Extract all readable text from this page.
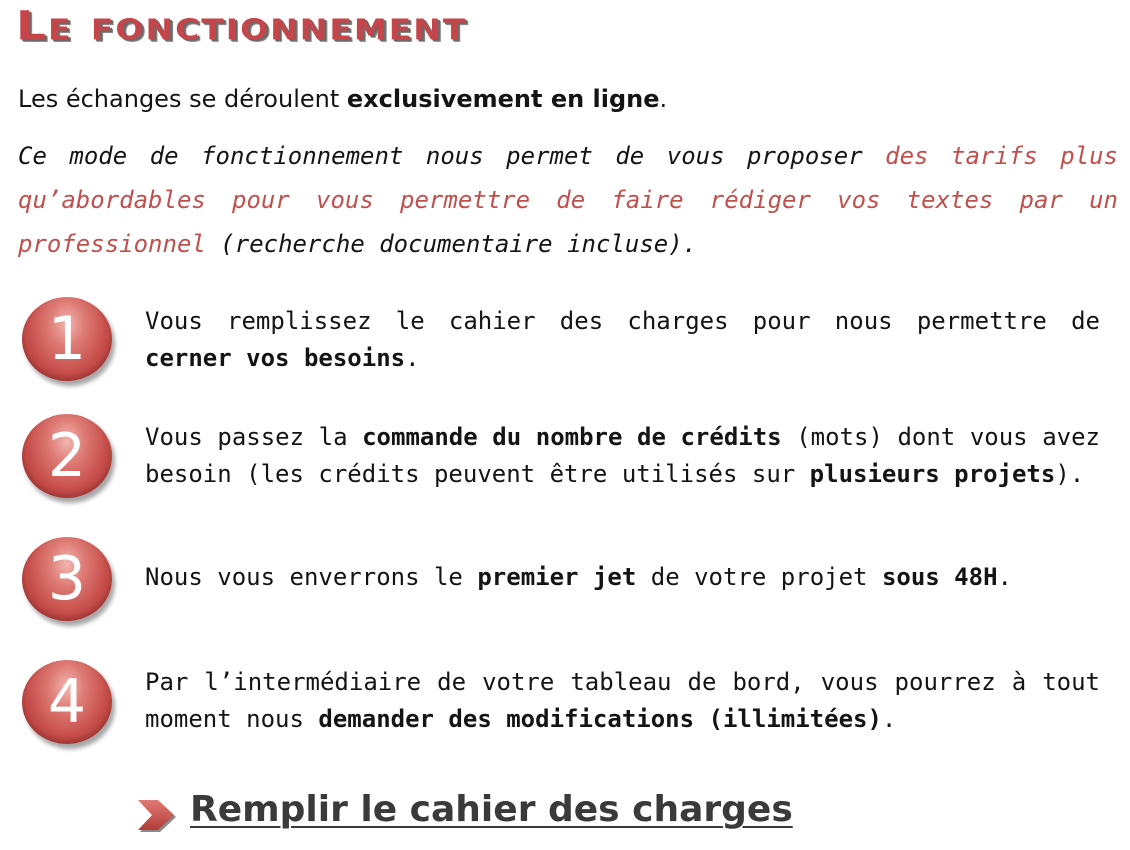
Le fonctionnement

Les échanges se déroulent exclusivement en ligne.

Ce mode de fonctionnement nous permet de vous proposer des tarifs plus qu’abordables pour vous permettre de faire rédiger vos textes par un professionnel (recherche documentaire incluse).

1	Vous remplissez le cahier des charges pour nous permettre de cerner vos besoins.

2	Vous passez la commande du nombre de crédits (mots) dont vous avez besoin (les crédits peuvent être utilisés sur plusieurs projets).

3	Nous vous enverrons le premier jet de votre projet sous 48H.

4	Par l’intermédiaire de votre tableau de bord, vous pourrez à tout moment nous demander des modifications (illimitées).

Remplir le cahier des charges
